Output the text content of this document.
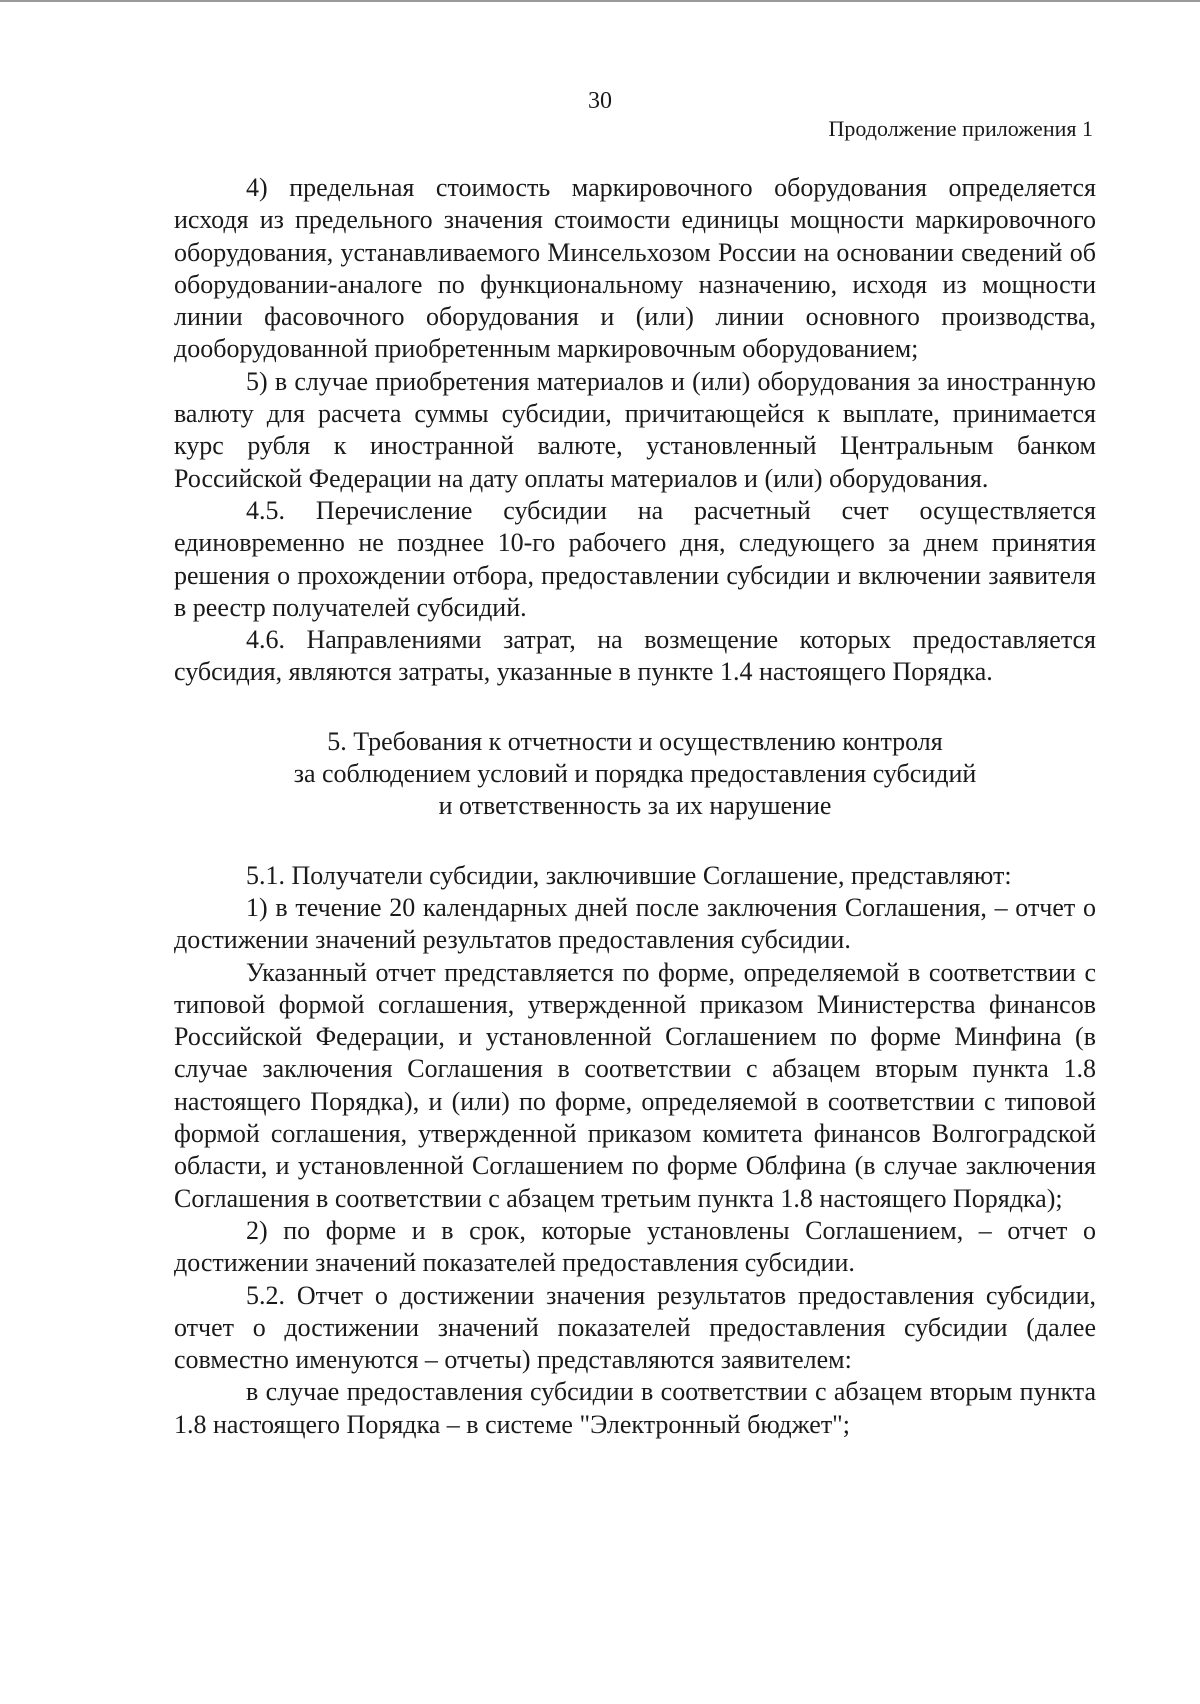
30
Продолжение приложения 1

4) предельная стоимость маркировочного оборудования определяется исходя из предельного значения стоимости единицы мощности маркировочного оборудования, устанавливаемого Минсельхозом России на основании сведений об оборудовании-аналоге по функциональному назначению, исходя из мощности линии фасовочного оборудования и (или) линии основного производства, дооборудованной приобретенным маркировочным оборудованием;

5) в случае приобретения материалов и (или) оборудования за иностранную валюту для расчета суммы субсидии, причитающейся к выплате, принимается курс рубля к иностранной валюте, установленный Центральным банком Российской Федерации на дату оплаты материалов и (или) оборудования.

4.5. Перечисление субсидии на расчетный счет осуществляется единовременно не позднее 10-го рабочего дня, следующего за днем принятия решения о прохождении отбора, предоставлении субсидии и включении заявителя в реестр получателей субсидий.

4.6. Направлениями затрат, на возмещение которых предоставляется субсидия, являются затраты, указанные в пункте 1.4 настоящего Порядка.

5. Требования к отчетности и осуществлению контроля
за соблюдением условий и порядка предоставления субсидий
и ответственность за их нарушение

5.1. Получатели субсидии, заключившие Соглашение, представляют:

1) в течение 20 календарных дней после заключения Соглашения, – отчет о достижении значений результатов предоставления субсидии.

Указанный отчет представляется по форме, определяемой в соответствии с типовой формой соглашения, утвержденной приказом Министерства финансов Российской Федерации, и установленной Соглашением по форме Минфина (в случае заключения Соглашения в соответствии с абзацем вторым пункта 1.8 настоящего Порядка), и (или) по форме, определяемой в соответствии с типовой формой соглашения, утвержденной приказом комитета финансов Волгоградской области, и установленной Соглашением по форме Облфина (в случае заключения Соглашения в соответствии с абзацем третьим пункта 1.8 настоящего Порядка);

2) по форме и в срок, которые установлены Соглашением, – отчет о достижении значений показателей предоставления субсидии.

5.2. Отчет о достижении значения результатов предоставления субсидии, отчет о достижении значений показателей предоставления субсидии (далее совместно именуются – отчеты) представляются заявителем:

в случае предоставления субсидии в соответствии с абзацем вторым пункта 1.8 настоящего Порядка – в системе "Электронный бюджет";
